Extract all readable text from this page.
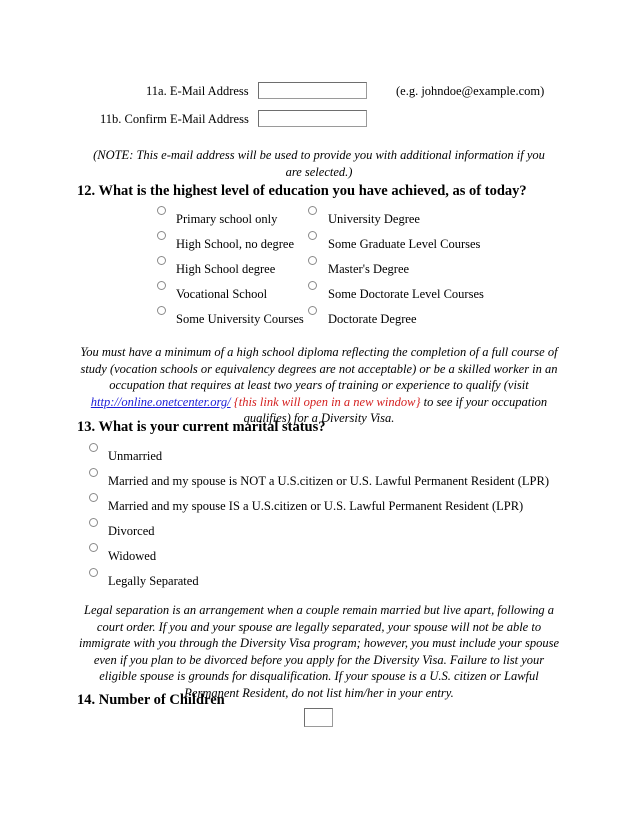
11a. E-Mail Address	(e.g. johndoe@example.com)
11b. Confirm E-Mail Address
(NOTE: This e-mail address will be used to provide you with additional information if you
are selected.)
12. What is the highest level of education you have achieved, as of today?
Primary school only
High School, no degree
High School degree
Vocational School
Some University Courses
University Degree
Some Graduate Level Courses
Master's Degree
Some Doctorate Level Courses
Doctorate Degree
You must have a minimum of a high school diploma reflecting the completion of a full course of
study (vocation schools or equivalency degrees are not acceptable) or be a skilled worker in an
occupation that requires at least two years of training or experience to qualify (visit
http://online.onetcenter.org/ {this link will open in a new window} to see if your occupation
qualifies) for a Diversity Visa.
13. What is your current marital status?
Unmarried
Married and my spouse is NOT a U.S.citizen or U.S. Lawful Permanent Resident (LPR)
Married and my spouse IS a U.S.citizen or U.S. Lawful Permanent Resident (LPR)
Divorced
Widowed
Legally Separated
Legal separation is an arrangement when a couple remain married but live apart, following a
court order. If you and your spouse are legally separated, your spouse will not be able to
immigrate with you through the Diversity Visa program; however, you must include your spouse
even if you plan to be divorced before you apply for the Diversity Visa. Failure to list your
eligible spouse is grounds for disqualification. If your spouse is a U.S. citizen or Lawful
Permanent Resident, do not list him/her in your entry.
14. Number of Children
